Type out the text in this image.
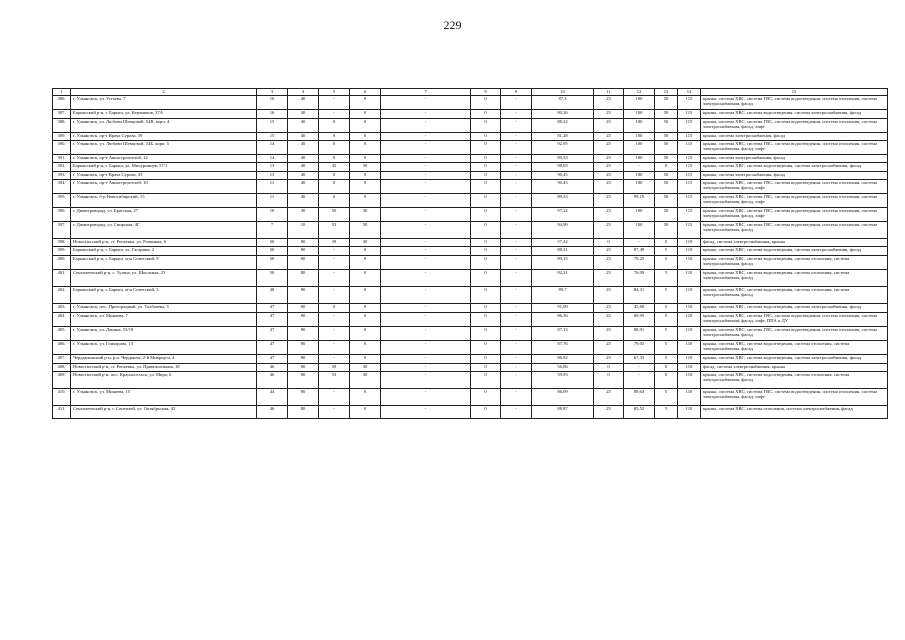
229
1	2	3	4	5	6	7	8	9	10	11	12	13	14	15
386.	г. Ульяновск, ул. Устьева, 7	16	40	-	0	-	0	-	87,3	25	100	50	115	крыша, система ХВС, система ГВС, система водоотведения, система отопления, система электроснабжения, фасад
387.	Барышский р-н, г. Барыш, ул. Керамиков, 37А	16	40	-	0	-	0	-	80,26	25	100	50	115	крыша, система ХВС, система водоотведения, система электроснабжения, фасад
388.	г. Ульяновск, ул. Любови Шевцовой, 54В, корп. 4	15	40	0	0	-	0	-	88,22	25	100	50	115	крыша, система ХВС, система ГВС, система водоотведения, система отопления, система электроснабжения, фасад, лифт
389.	г. Ульяновск, пр-т Врача Сурова, 39	15	40	0	0	-	0	-	81,28	25	100	50	115	крыша, система электроснабжения, фасад
390.	г. Ульяновск, ул. Любови Шевцовой, 54Б, корп. 5	14	40	0	0	-	0	-	92,95	25	100	50	115	крыша, система ХВС, система ГВС, система водоотведения, система отопления, система электроснабжения, фасад, лифт
391.	г. Ульяновск, пр-т Авиастроителей, 12	14	40	0	0	-	0	-	89,33	25	100	50	115	крыша, система электроснабжения, фасад
392.	Барышский р-н, г. Барыш, ул. Мичуринцев, 57/1	13	40	45	50	-	0	-	98,05	25	-	0	115	крыша, система ХВС, система водоотведения, система электроснабжения, фасад
393.	г. Ульяновск, пр-т Врача Сурова, 35	13	40	0	0	-	0	-	90,45	25	100	50	115	крыша, система электроснабжения, фасад
394.	г. Ульяновск, пр-т Авиастроителей, 10	11	40	0	0	-	0	-	90,45	25	100	50	115	крыша, система ХВС, система ГВС, система водоотведения, система отопления, система электроснабжения, фасад, лифт
395.	г. Ульяновск, б-р Новосибирский, 15	11	40	0	0	-	0	-	89,33	25	99,19	50	115	крыша, система ХВС, система ГВС, система водоотведения, система отопления, система электроснабжения, фасад, лифт
396.	г. Димитровград, ул. Братская, 27	10	30	50	30	-	0	-	97,22	25	100	50	115	крыша, система ХВС, система ГВС, система водоотведения, система отопления, система электроснабжения, фасад, лифт
397.	г. Димитровград, ул. Свирская, 4Г	7	10	53	50	-	0	-	94,99	25	100	50	115	крыша, система ХВС, система ГВС, система водоотведения, система отопления, система электроснабжения, фасад
398.	Новоспасский р-н, ст. Репьевка, ул. Рочкиная, 6	50	80	39	30	-	0	-	57,42	0	-	0	110	фасад, система электроснабжения, крыша
399.	Барышский р-н, г. Барыш, ул. Гагарина, 2	50	80	-	0	-	0	-	88,31	25	87,49	5	110	крыша, система ХВС, система водоотведения, система электроснабжения, фасад
400.	Барышский р-н, г. Барыш, м-н Советский, 9	50	80	-	0	-	0	-	89,15	25	79,25	5	110	крыша, система ХВС, система водоотведения, система отопления, система электроснабжения, фасад
401.	Сенгилеевский р-н, с. Тушна, ул. Школьная, 23	50	80	-	0	-	0	-	92,21	25	76,09	5	110	крыша, система ХВС, система водоотведения, система отопления, система электроснабжения, фасад
402.	Барышский р-н, г. Барыш, м-н Советский, 3	48	80	-	0	-	0	-	89,7	25	84,31	5	110	крыша, система ХВС, система водоотведения, система отопления, система электроснабжения, фасад
403.	г. Ульяновск, пос. Пригородный, ул. Толбачева, 5	47	80	0	0	-	0	-	91,09	25	45,68	5	110	крыша, система ХВС, система водоотведения, система электроснабжения, фасад
404.	г. Ульяновск, ул. Минаева, 7	47	80	-	0	-	0	-	86,36	25	89,95	5	110	крыша, система ХВС, система ГВС, система водоотведения, система отопления, система электроснабжения, фасад, лифт, ППА и ДУ
405.	г. Ульяновск, ул. Ленина, 53/19	47	80	-	0	-	0	-	87,13	25	88,91	5	110	крыша, система ХВС, система ГВС, система водоотведения, система отопления, система электроснабжения, фасад
406.	г. Ульяновск, ул. Гончарова, 13	47	80	-	0	-	0	-	87,76	25	79,03	5	110	крыша, система ХВС, система водоотведения, система отопления, система электроснабжения, фасад
407.	Чердаклинский р-н, р.п. Чердаклы, 2-й Микрор-н, 4	47	80	-	0	-	0	-	86,92	25	67,33	5	110	крыша, система ХВС, система водоотведения, система электроснабжения, фасад
408.	Новоспасский р-н, ст. Репьевка, ул. Привокзальная, 18	46	80	39	30	-	0	-	56,86	0	-	0	110	фасад, система электроснабжения, крыша
409.	Новоспасский р-н, пос. Красносельск, ул. Мира, 6	46	80	53	30	-	0	-	59,93	0	-	0	110	крыша, система ХВС, система водоотведения, система отопления, система электроснабжения, фасад
410.	г. Ульяновск, ул. Минаева, 15	44	80	-	0	-	0	-	86,09	25	89,64	5	110	крыша, система ХВС, система ГВС, система водоотведения, система отопления, система электроснабжения, фасад, лифт
411.	Сенгилеевский р-н, г. Сенгилей, ул. Октябрьская, 42	46	80	-	0	-	0	-	88,87	25	85,52	5	110	крыша, система ХВС, система отопления, система электроснабжения, фасад
